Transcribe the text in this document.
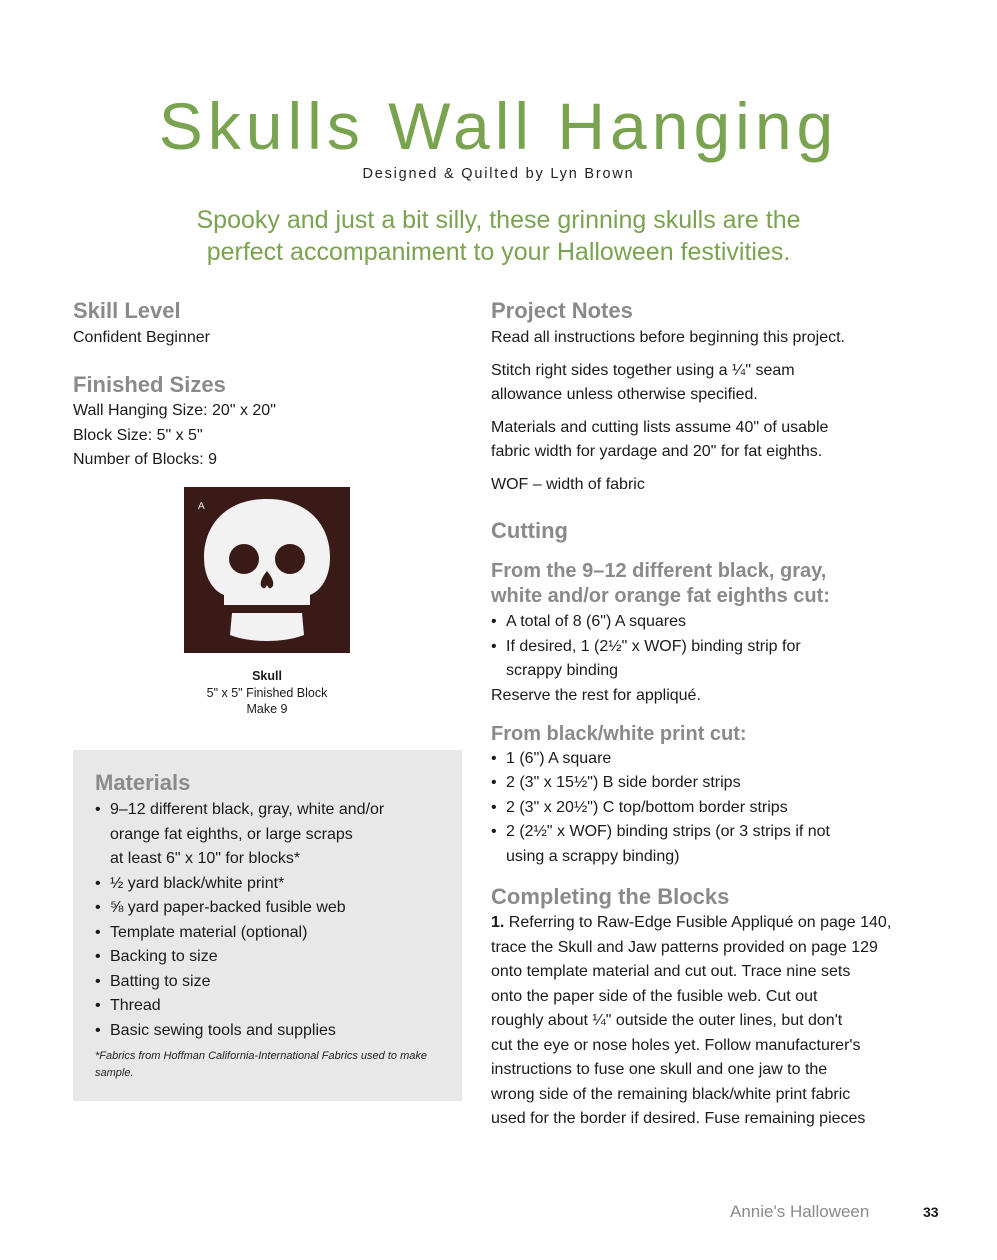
Skulls Wall Hanging
Designed & Quilted by Lyn Brown
Spooky and just a bit silly, these grinning skulls are the
perfect accompaniment to your Halloween festivities.
Skill Level
Confident Beginner
Finished Sizes
Wall Hanging Size: 20" x 20"
Block Size: 5" x 5"
Number of Blocks: 9
A
Skull
5" x 5" Finished Block
Make 9
Materials
• 9–12 different black, gray, white and/or
orange fat eighths, or large scraps
at least 6" x 10" for blocks*
• ½ yard black/white print*
• ⅝ yard paper-backed fusible web
• Template material (optional)
• Backing to size
• Batting to size
• Thread
• Basic sewing tools and supplies
*Fabrics from Hoffman California-International Fabrics used to make
sample.
Project Notes
Read all instructions before beginning this project.
Stitch right sides together using a ¼" seam
allowance unless otherwise specified.
Materials and cutting lists assume 40" of usable
fabric width for yardage and 20" for fat eighths.
WOF – width of fabric
Cutting
From the 9–12 different black, gray,
white and/or orange fat eighths cut:
• A total of 8 (6") A squares
• If desired, 1 (2½" x WOF) binding strip for
scrappy binding
Reserve the rest for appliqué.
From black/white print cut:
• 1 (6") A square
• 2 (3" x 15½") B side border strips
• 2 (3" x 20½") C top/bottom border strips
• 2 (2½" x WOF) binding strips (or 3 strips if not
using a scrappy binding)
Completing the Blocks
1. Referring to Raw-Edge Fusible Appliqué on page 140,
trace the Skull and Jaw patterns provided on page 129
onto template material and cut out. Trace nine sets
onto the paper side of the fusible web. Cut out
roughly about ¼" outside the outer lines, but don't
cut the eye or nose holes yet. Follow manufacturer's
instructions to fuse one skull and one jaw to the
wrong side of the remaining black/white print fabric
used for the border if desired. Fuse remaining pieces
Annie's Halloween	33
